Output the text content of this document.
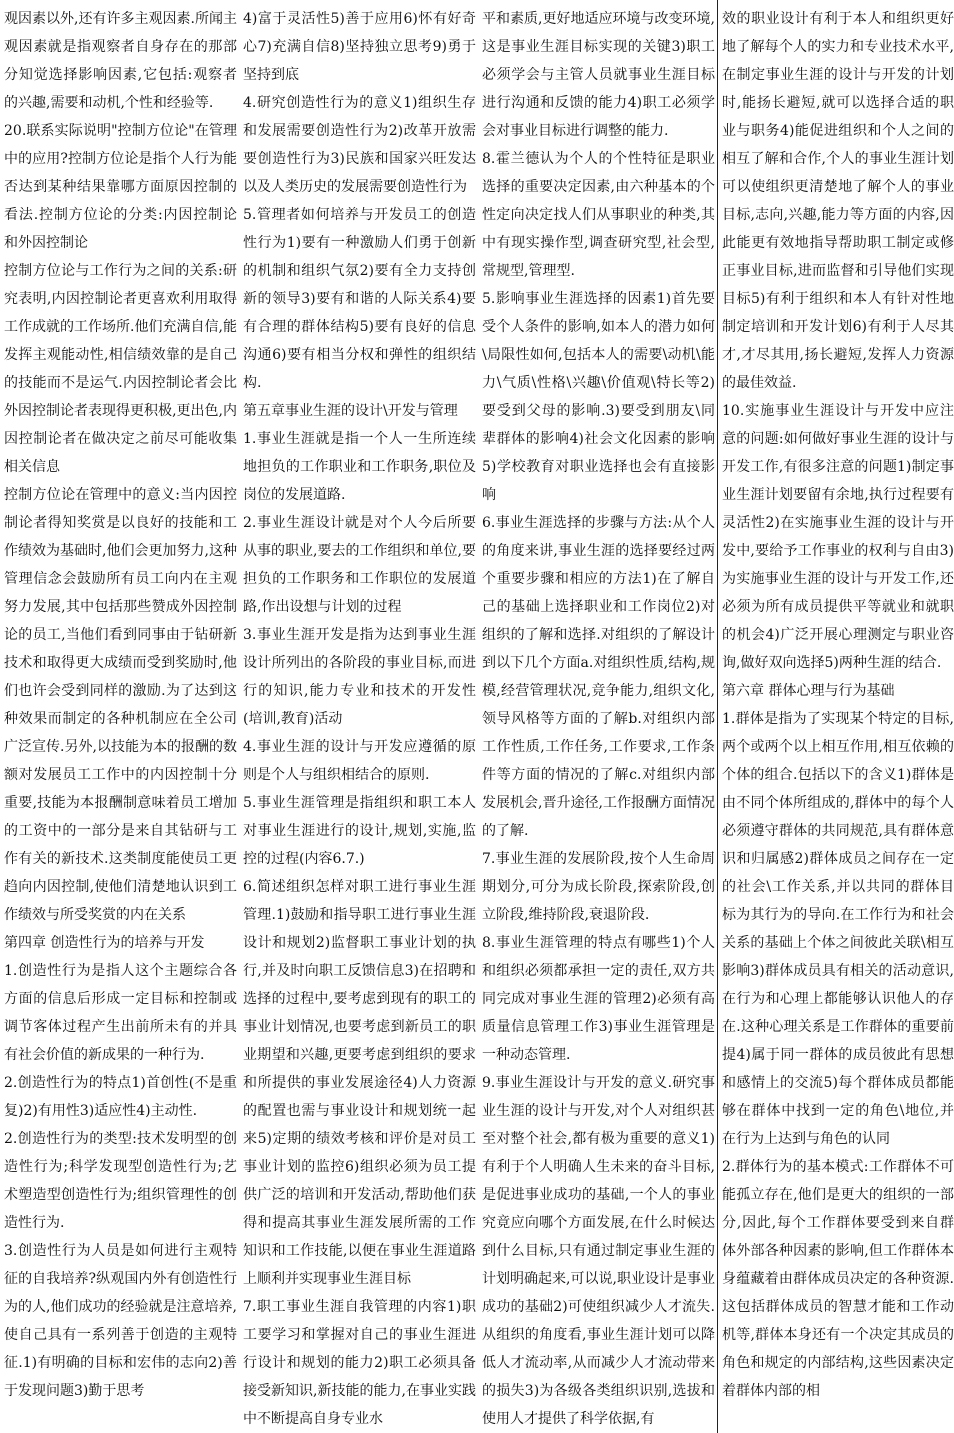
观因素以外,还有许多主观因素.所闻主观因素就是指观察者自身存在的那部分知觉选择影响因素,它包括:观察者的兴趣,需要和动机,个性和经验等.

20.联系实际说明"控制方位论"在管理中的应用?控制方位论是指个人行为能否达到某种结果靠哪方面原因控制的看法.控制方位论的分类:内因控制论和外因控制论

控制方位论与工作行为之间的关系:研究表明,内因控制论者更喜欢利用取得工作成就的工作场所.他们充满自信,能发挥主观能动性,相信绩效靠的是自己的技能而不是运气.内因控制论者会比外因控制论者表现得更积极,更出色,内因控制论者在做决定之前尽可能收集相关信息

控制方位论在管理中的意义:当内因控制论者得知奖赏是以良好的技能和工作绩效为基础时,他们会更加努力,这种管理信念会鼓励所有员工向内在主观努力发展,其中包括那些赞成外因控制论的员工,当他们看到同事由于钻研新技术和取得更大成绩而受到奖励时,他们也许会受到同样的激励.为了达到这种效果而制定的各种机制应在全公司广泛宣传.另外,以技能为本的报酬的数额对发展员工工作中的内因控制十分重要,技能为本报酬制意味着员工增加的工资中的一部分是来自其钻研与工作有关的新技术.这类制度能使员工更趋向内因控制,使他们清楚地认识到工作绩效与所受奖赏的内在关系

第四章 创造性行为的培养与开发

1.创造性行为是指人这个主题综合各方面的信息后形成一定目标和控制或调节客体过程产生出前所未有的并具有社会价值的新成果的一种行为.

2.创造性行为的特点1)首创性(不是重复)2)有用性3)适应性4)主动性.

2.创造性行为的类型:技术发明型的创造性行为;科学发现型创造性行为;艺术塑造型创造性行为;组织管理性的创造性行为.

3.创造性行为人员是如何进行主观特征的自我培养?纵观国内外有创造性行为的人,他们成功的经验就是注意培养,使自己具有一系列善于创造的主观特征.1)有明确的目标和宏伟的志向2)善于发现问题3)勤于思考

4)富于灵活性5)善于应用6)怀有好奇心7)充满自信8)坚持独立思考9)勇于坚持到底

4.研究创造性行为的意义1)组织生存和发展需要创造性行为2)改革开放需要创造性行为3)民族和国家兴旺发达以及人类历史的发展需要创造性行为

5.管理者如何培养与开发员工的创造性行为1)要有一种激励人们勇于创新的机制和组织气氛2)要有全力支持创新的领导3)要有和谐的人际关系4)要有合理的群体结构5)要有良好的信息沟通6)要有相当分权和弹性的组织结构.

第五章事业生涯的设计\开发与管理

1.事业生涯就是指一个人一生所连续地担负的工作职业和工作职务,职位及岗位的发展道路.

2.事业生涯设计就是对个人今后所要从事的职业,要去的工作组织和单位,要担负的工作职务和工作职位的发展道路,作出设想与计划的过程

3.事业生涯开发是指为达到事业生涯设计所列出的各阶段的事业目标,而进行的知识,能力专业和技术的开发性(培训,教育)活动

4.事业生涯的设计与开发应遵循的原则是个人与组织相结合的原则.

5.事业生涯管理是指组织和职工本人对事业生涯进行的设计,规划,实施,监控的过程(内容6.7.)

6.简述组织怎样对职工进行事业生涯管理.1)鼓励和指导职工进行事业生涯设计和规划2)监督职工事业计划的执行,并及时向职工反馈信息3)在招聘和选择的过程中,要考虑到现有的职工的事业计划情况,也要考虑到新员工的职业期望和兴趣,更要考虑到组织的要求和所提供的事业发展途径4)人力资源的配置也需与事业设计和规划统一起来5)定期的绩效考核和评价是对员工事业计划的监控6)组织必须为员工提供广泛的培训和开发活动,帮助他们获得和提高其事业生涯发展所需的工作知识和工作技能,以便在事业生涯道路上顺利并实现事业生涯目标

7.职工事业生涯自我管理的内容1)职工要学习和掌握对自己的事业生涯进行设计和规划的能力2)职工必须具备接受新知识,新技能的能力,在事业实践中不断提高自身专业水

平和素质,更好地适应环境与改变环境,这是事业生涯目标实现的关键3)职工必须学会与主管人员就事业生涯目标进行沟通和反馈的能力4)职工必须学会对事业目标进行调整的能力.

8.霍兰德认为个人的个性特征是职业选择的重要决定因素,由六种基本的个性定向决定找人们从事职业的种类,其中有现实操作型,调查研究型,社会型,常规型,管理型.

5.影响事业生涯选择的因素1)首先要受个人条件的影响,如本人的潜力如何\局限性如何,包括本人的需要\动机\能力\气质\性格\兴趣\价值观\特长等2)要受到父母的影响.3)要受到朋友\同辈群体的影响4)社会文化因素的影响5)学校教育对职业选择也会有直接影响

6.事业生涯选择的步骤与方法:从个人的角度来讲,事业生涯的选择要经过两个重要步骤和相应的方法1)在了解自己的基础上选择职业和工作岗位2)对组织的了解和选择.对组织的了解设计到以下几个方面a.对组织性质,结构,规模,经营管理状况,竞争能力,组织文化,领导风格等方面的了解b.对组织内部工作性质,工作任务,工作要求,工作条件等方面的情况的了解c.对组织内部发展机会,晋升途径,工作报酬方面情况的了解.

7.事业生涯的发展阶段,按个人生命周期划分,可分为成长阶段,探索阶段,创立阶段,维持阶段,衰退阶段.

8.事业生涯管理的特点有哪些1)个人和组织必须都承担一定的责任,双方共同完成对事业生涯的管理2)必须有高质量信息管理工作3)事业生涯管理是一种动态管理.

9.事业生涯设计与开发的意义.研究事业生涯的设计与开发,对个人对组织甚至对整个社会,都有极为重要的意义1)有利于个人明确人生未来的奋斗目标,是促进事业成功的基础,一个人的事业究竟应向哪个方面发展,在什么时候达到什么目标,只有通过制定事业生涯的计划明确起来,可以说,职业设计是事业成功的基础2)可使组织减少人才流失.从组织的角度看,事业生涯计划可以降低人才流动率,从而减少人才流动带来的损失3)为各级各类组织识别,选拔和使用人才提供了科学依据,有

效的职业设计有利于本人和组织更好地了解每个人的实力和专业技术水平,在制定事业生涯的设计与开发的计划时,能扬长避短,就可以选择合适的职业与职务4)能促进组织和个人之间的相互了解和合作,个人的事业生涯计划可以使组织更清楚地了解个人的事业目标,志向,兴趣,能力等方面的内容,因此能更有效地指导帮助职工制定或修正事业目标,进而监督和引导他们实现目标5)有利于组织和本人有针对性地制定培训和开发计划6)有利于人尽其才,才尽其用,扬长避短,发挥人力资源的最佳效益.

10.实施事业生涯设计与开发中应注意的问题:如何做好事业生涯的设计与开发工作,有很多注意的问题1)制定事业生涯计划要留有余地,执行过程要有灵活性2)在实施事业生涯的设计与开发中,要给予工作事业的权利与自由3)为实施事业生涯的设计与开发工作,还必须为所有成员提供平等就业和就职的机会4)广泛开展心理测定与职业咨询,做好双向选择5)两种生涯的结合.

第六章 群体心理与行为基础

1.群体是指为了实现某个特定的目标,两个或两个以上相互作用,相互依赖的个体的组合.包括以下的含义1)群体是由不同个体所组成的,群体中的每个人必须遵守群体的共同规范,具有群体意识和归属感2)群体成员之间存在一定的社会\工作关系,并以共同的群体目标为其行为的导向.在工作行为和社会关系的基础上个体之间彼此关联\相互影响3)群体成员具有相关的活动意识,在行为和心理上都能够认识他人的存在.这种心理关系是工作群体的重要前提4)属于同一群体的成员彼此有思想和感情上的交流5)每个群体成员都能够在群体中找到一定的角色\地位,并在行为上达到与角色的认同

2.群体行为的基本模式:工作群体不可能孤立存在,他们是更大的组织的一部分,因此,每个工作群体要受到来自群体外部各种因素的影响,但工作群体本身蕴藏着由群体成员决定的各种资源.这包括群体成员的智慧才能和工作动机等,群体本身还有一个决定其成员的角色和规定的内部结构,这些因素决定着群体内部的相
